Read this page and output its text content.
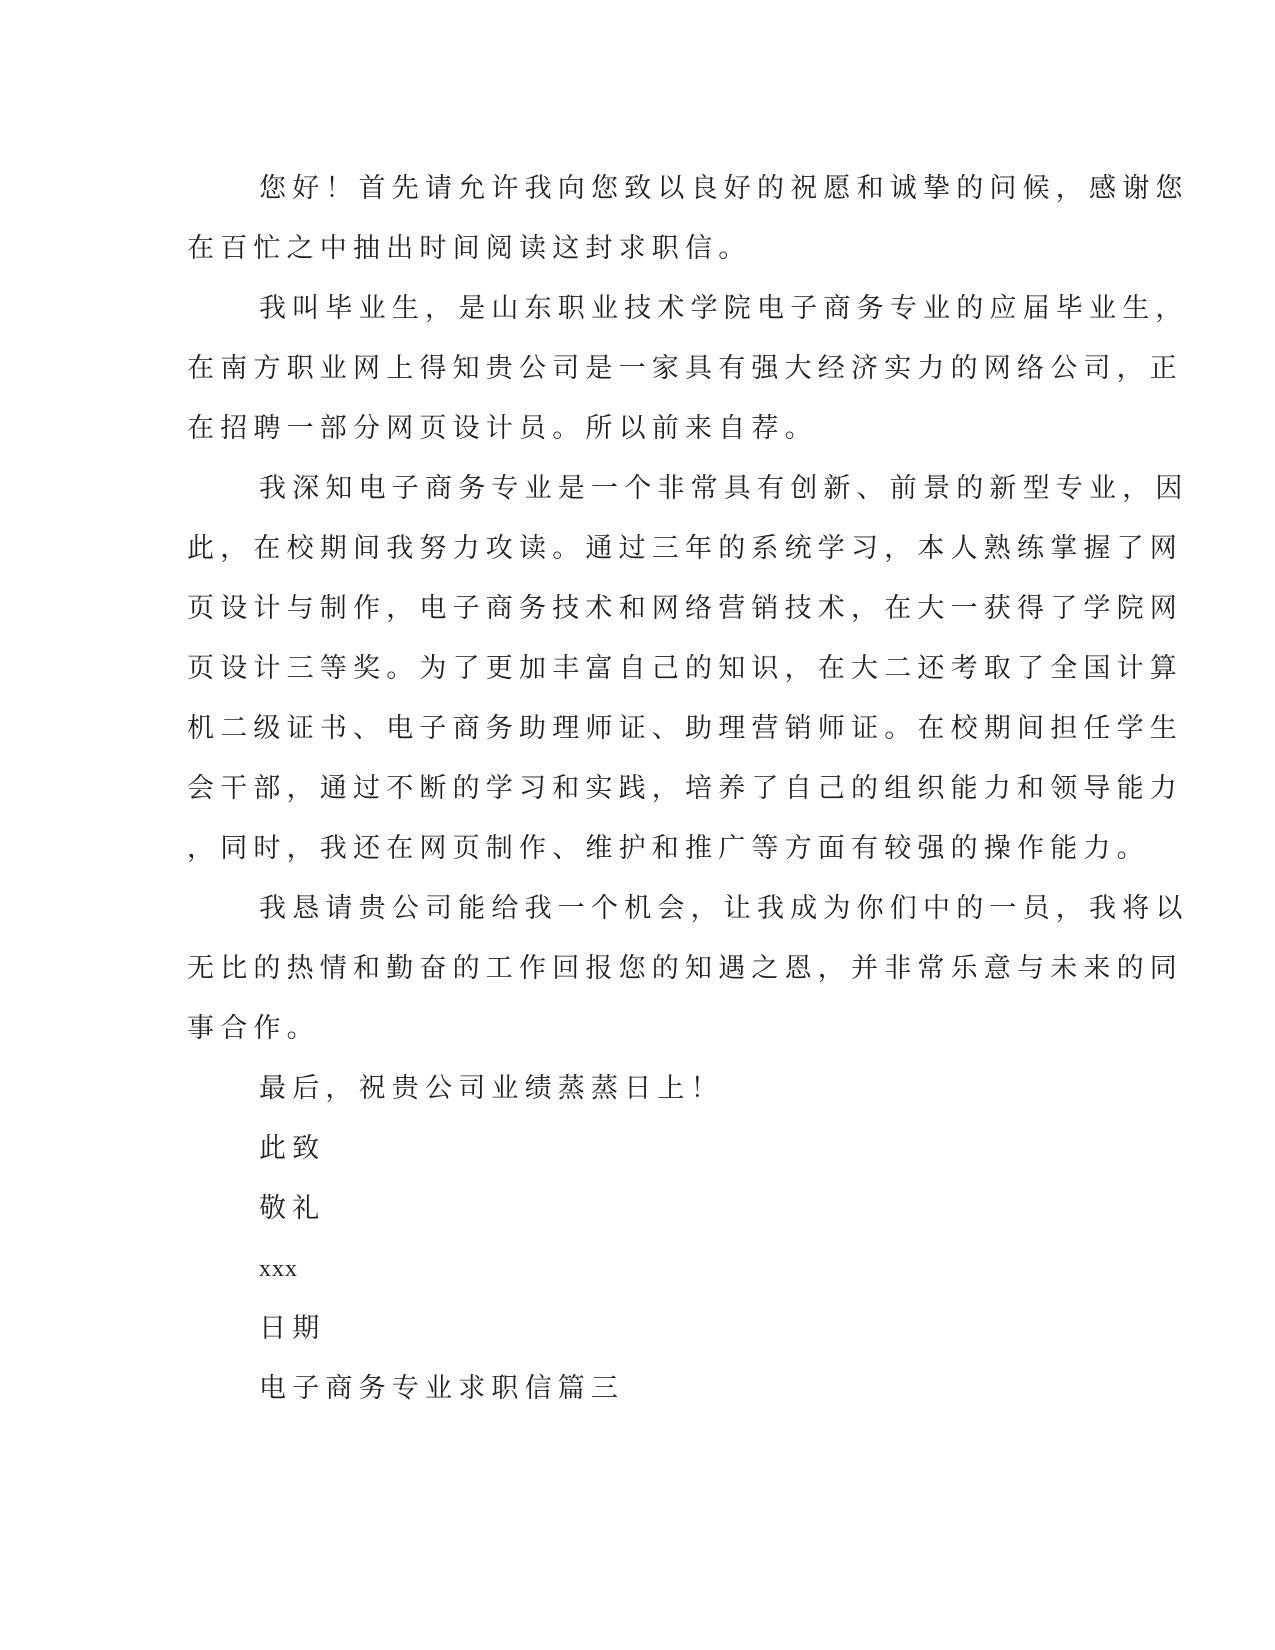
您好！首先请允许我向您致以良好的祝愿和诚挚的问候，感谢您
在百忙之中抽出时间阅读这封求职信。
我叫毕业生，是山东职业技术学院电子商务专业的应届毕业生，
在南方职业网上得知贵公司是一家具有强大经济实力的网络公司，正
在招聘一部分网页设计员。所以前来自荐。
我深知电子商务专业是一个非常具有创新、前景的新型专业，因
此，在校期间我努力攻读。通过三年的系统学习，本人熟练掌握了网
页设计与制作，电子商务技术和网络营销技术，在大一获得了学院网
页设计三等奖。为了更加丰富自己的知识，在大二还考取了全国计算
机二级证书、电子商务助理师证、助理营销师证。在校期间担任学生
会干部，通过不断的学习和实践，培养了自己的组织能力和领导能力
，同时，我还在网页制作、维护和推广等方面有较强的操作能力。
我恳请贵公司能给我一个机会，让我成为你们中的一员，我将以
无比的热情和勤奋的工作回报您的知遇之恩，并非常乐意与未来的同
事合作。
最后，祝贵公司业绩蒸蒸日上！
此致
敬礼
xxx
日期
电子商务专业求职信篇三
